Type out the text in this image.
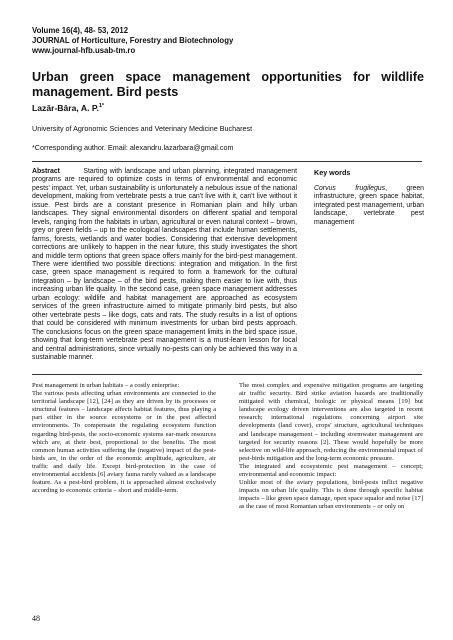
Volume 16(4), 48- 53, 2012
JOURNAL of Horticulture, Forestry and Biotechnology
www.journal-hfb.usab-tm.ro
Urban green space management opportunities for wildlife management. Bird pests
Lazăr-Bâra, A. P.$^{1*}$
University of Agronomic Sciences and Veterinary Medicine Bucharest
*Corresponding author. Email: alexandru.lazarbara@gmail.com
Abstract	Starting with landscape and urban planning, integrated management programs are required to optimize costs in terms of environmental and economic pests' impact. Yet, urban sustainability is unfortunately a nebulous issue of the national development, making from vertebrate pests a true can't live with it, can't live without it issue. Pest birds are a constant presence in Romanian plain and hilly urban landscapes. They signal environmental disorders on different spatial and temporal levels, ranging from the habitats in urban, agricultural or even natural context – brown, grey or green fields – up to the ecological landscapes that include human settlements, farms, forests, wetlands and water bodies. Considering that extensive development corrections are unlikely to happen in the near future, this study investigates the short and middle term options that green space offers mainly for the bird-pest management. There were identified two possible directions: integration and mitigation. In the first case, green space management is required to form a framework for the cultural integration – by landscape – of the bird pests, making them easier to live with, thus increasing urban life quality. In the second case, green space management addresses urban ecology: wildlife and habitat management are approached as ecosystem services of the green infrastructure aimed to mitigate primarily bird pests, but also other vertebrate pests – like dogs, cats and rats. The study results in a list of options that could be considered with minimum investments for urban bird pests approach. The conclusions focus on the green space management limits in the bird space issue, showing that long-term vertebrate pest management is a must-learn lesson for local and central administrations, since virtually no-pests can only be achieved this way in a sustainable manner.
Key words
Corvus frugilegus, green infrastructure, green space habitat, integrated pest management, urban landscape, vertebrate pest management

Pest management in urban habitats – a costly enterprise:

The various pests affecting urban environments are connected to the territorial landscape [12], [24] as they are driven by its processes or structural features – landscape affects habitat features, thus playing a part either in the source ecosystems or in the pest affected environments. To compensate the regulating ecosystem function regarding bird-pests, the socio-economic systems ear-mark resources which are, at their best, proportional to the benefits. The most common human activities suffering the (negative) impact of the pest-birds are, in the order of the economic amplitude, agriculture, air traffic and daily life. Except bird-protection in the case of environmental accidents [6] aviary fauna rarely valued as a landscape feature. As a pest-bird problem, it is approached almost exclusively according to economic criteria – short and middle-term.

The most complex and expensive mitigation programs are targeting air traffic security. Bird strike aviation hazards are traditionally mitigated with chemical, biologic or physical means [19] but landscape ecology driven interventions are also targeted in recent research; international regulations concerning airport site developments (land cover), crops' structure, agricultural techniques and landscape management – including stormwater management are targeted for security reasons [2]. These would hopefully be more selective on wild-life approach, reducing the environmental impact of pest-birds mitigation and the long-term economic pressure.

The integrated and ecosystemic pest management – concept; environmental and economic impact:

Unlike most of the aviary populations, bird-pests inflict negative impacts on urban life quality. This is done through specific habitat impacts – like green space damage, open space squalor and noise [17] as the case of most Romanian urban environments – or only on

48
